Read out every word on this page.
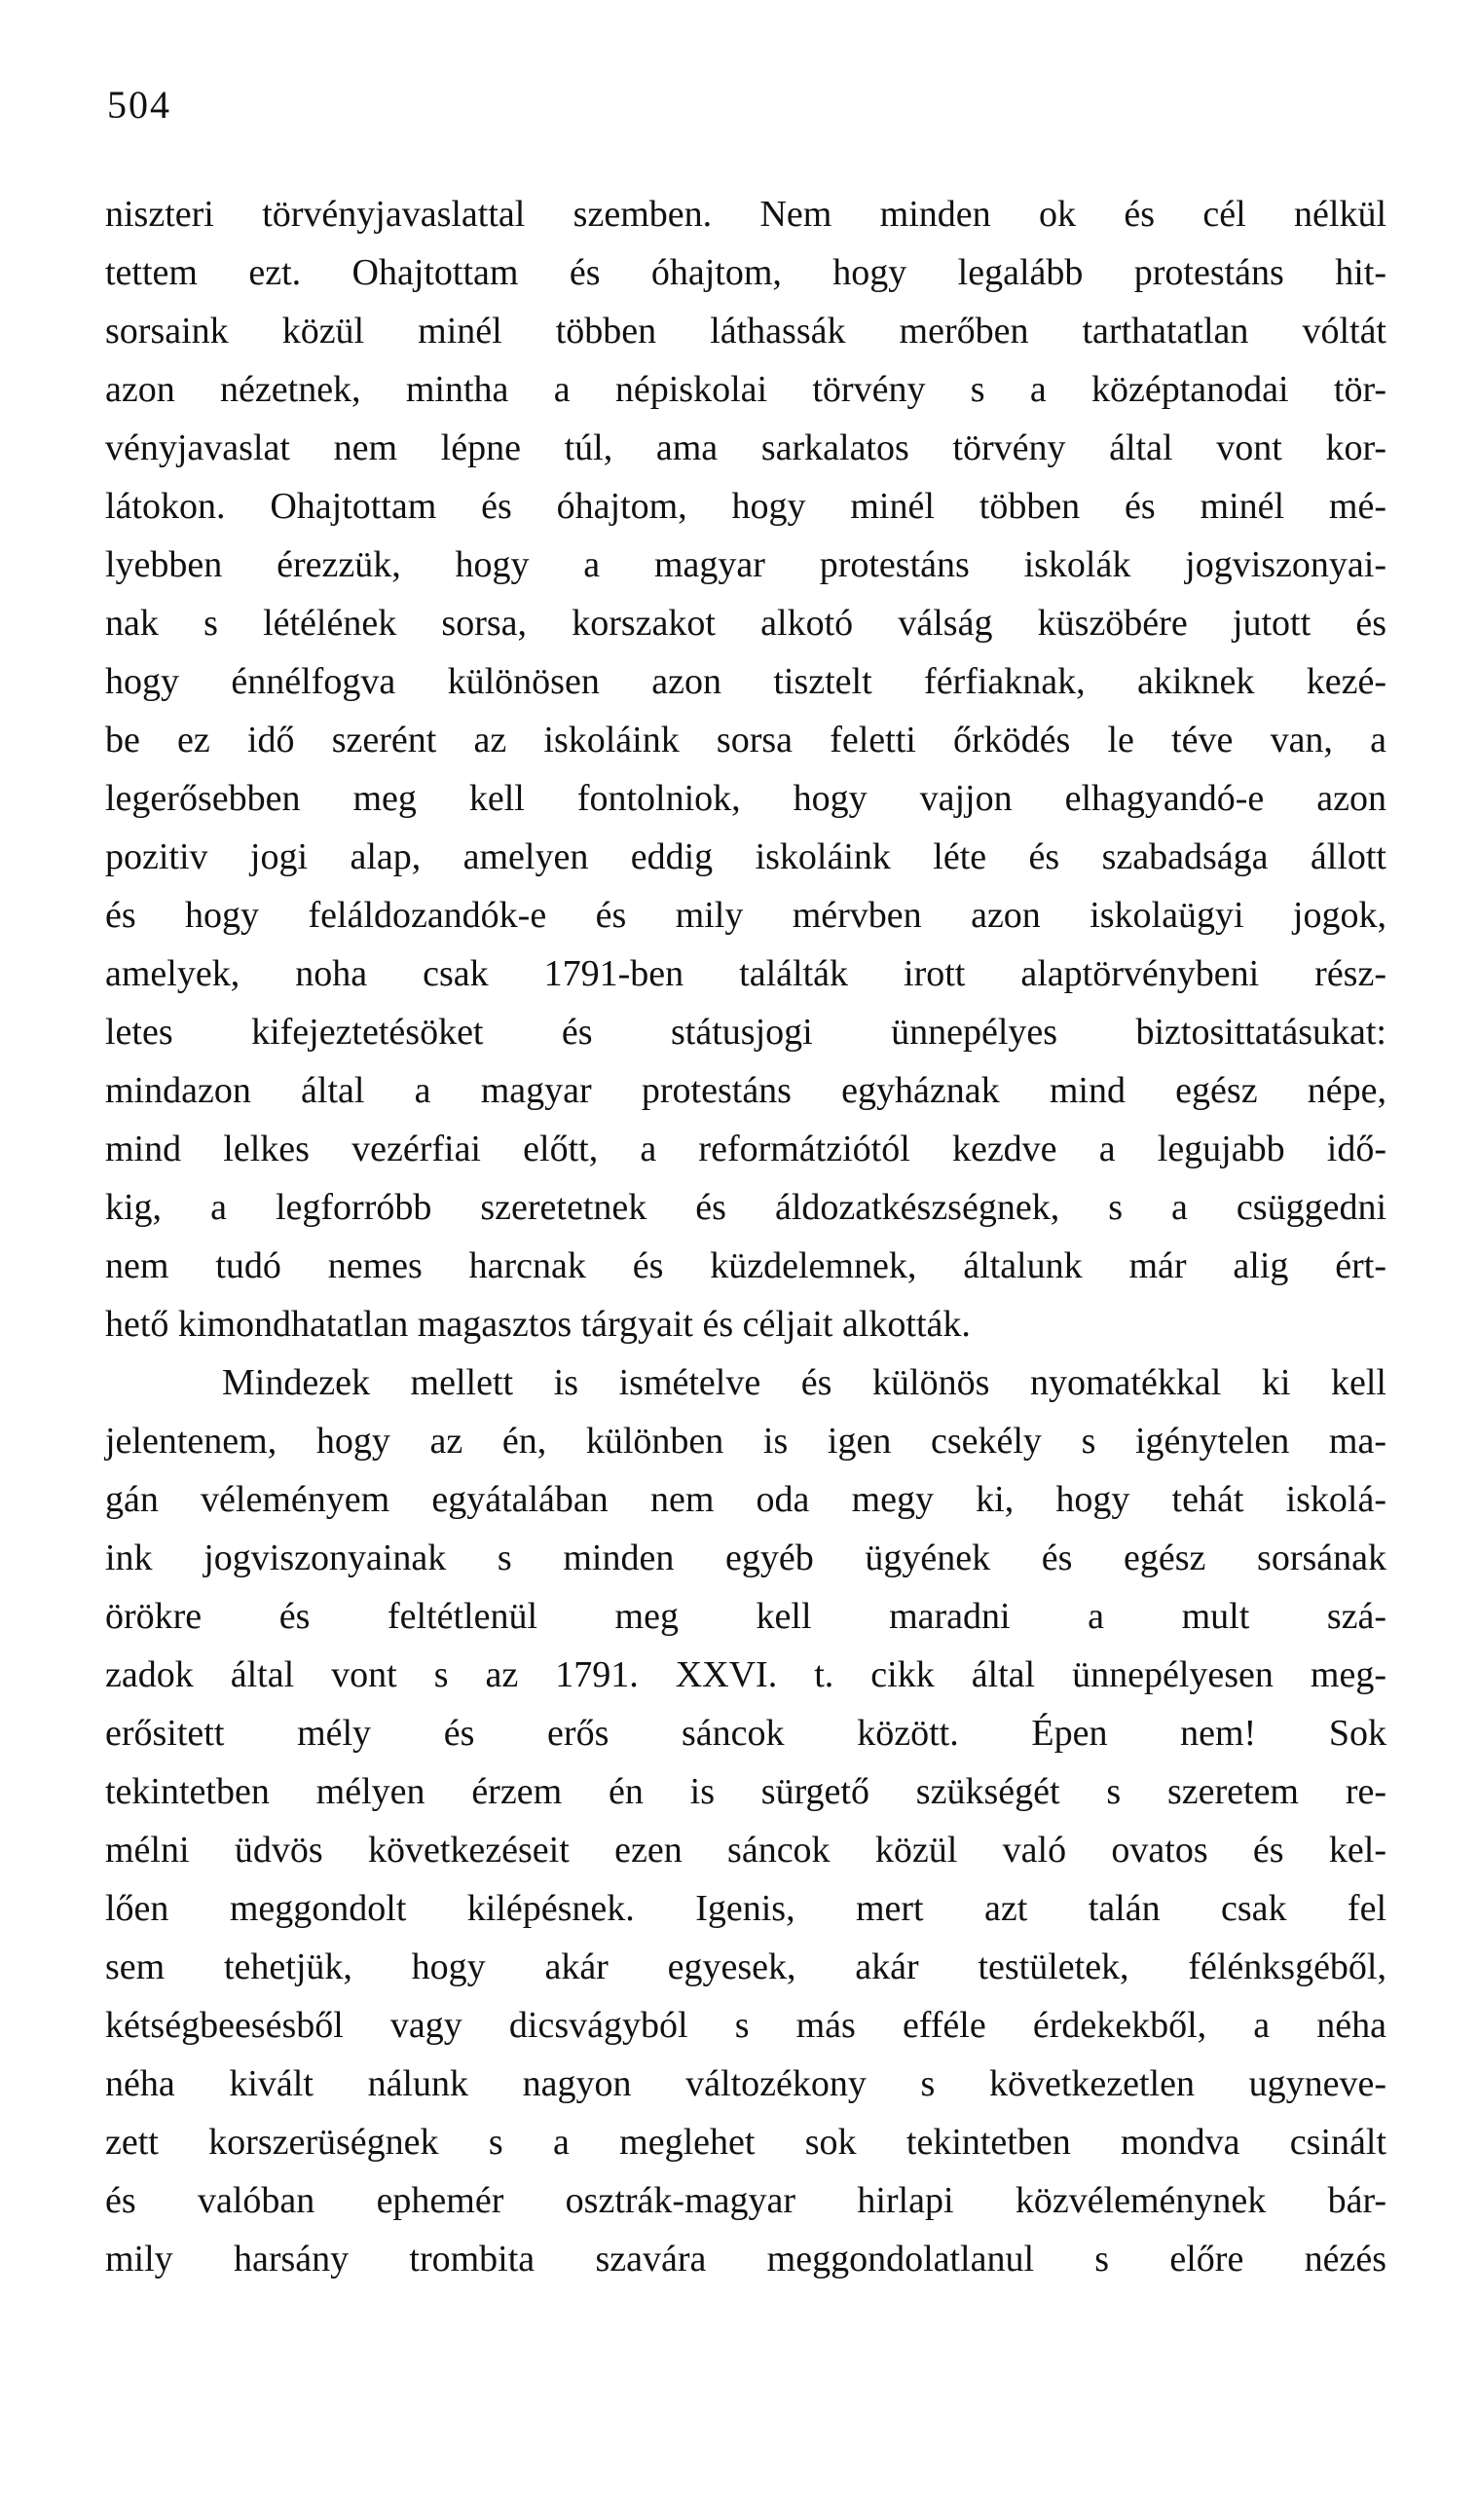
504
niszteri törvényjavaslattal szemben. Nem minden ok és cél nélkül
tettem ezt. Ohajtottam és óhajtom, hogy legalább protestáns hit-
sorsaink közül minél többen láthassák merőben tarthatatlan vóltát
azon nézetnek, mintha a népiskolai törvény s a középtanodai tör-
vényjavaslat nem lépne túl, ama sarkalatos törvény által vont kor-
látokon. Ohajtottam és óhajtom, hogy minél többen és minél mé-
lyebben érezzük, hogy a magyar protestáns iskolák jogviszonyai-
nak s létélének sorsa, korszakot alkotó válság küszöbére jutott és
hogy énnélfogva különösen azon tisztelt férfiaknak, akiknek kezé-
be ez idő szerént az iskoláink sorsa feletti őrködés le téve van, a
legerősebben meg kell fontolniok, hogy vajjon elhagyandó-e azon
pozitiv jogi alap, amelyen eddig iskoláink léte és szabadsága állott
és hogy feláldozandók-e és mily mérvben azon iskolaügyi jogok,
amelyek, noha csak 1791-ben találták irott alaptörvénybeni rész-
letes kifejeztetésöket és státusjogi ünnepélyes biztosittatásukat:
mindazon által a magyar protestáns egyháznak mind egész népe,
mind lelkes vezérfiai előtt, a reformátziótól kezdve a legujabb idő-
kig, a legforróbb szeretetnek és áldozatkészségnek, s a csüggedni
nem tudó nemes harcnak és küzdelemnek, általunk már alig ért-
hető kimondhatatlan magasztos tárgyait és céljait alkották.
Mindezek mellett is ismételve és különös nyomatékkal ki kell
jelentenem, hogy az én, különben is igen csekély s igénytelen ma-
gán véleményem egyátalában nem oda megy ki, hogy tehát iskolá-
ink jogviszonyainak s minden egyéb ügyének és egész sorsának
örökre és feltétlenül meg kell maradni a mult szá-
zadok által vont s az 1791. XXVI. t. cikk által ünnepélyesen meg-
erősitett mély és erős sáncok között. Épen nem! Sok
tekintetben mélyen érzem én is sürgető szükségét s szeretem re-
mélni üdvös következéseit ezen sáncok közül való ovatos és kel-
lően meggondolt kilépésnek. Igenis, mert azt talán csak fel
sem tehetjük, hogy akár egyesek, akár testületek, félénksgéből,
kétségbeesésből vagy dicsvágyból s más efféle érdekekből, a néha
néha kivált nálunk nagyon változékony s következetlen ugyneve-
zett korszerüségnek s a meglehet sok tekintetben mondva csinált
és valóban ephemér osztrák-magyar hirlapi közvéleménynek bár-
mily harsány trombita szavára meggondolatlanul s előre nézés
